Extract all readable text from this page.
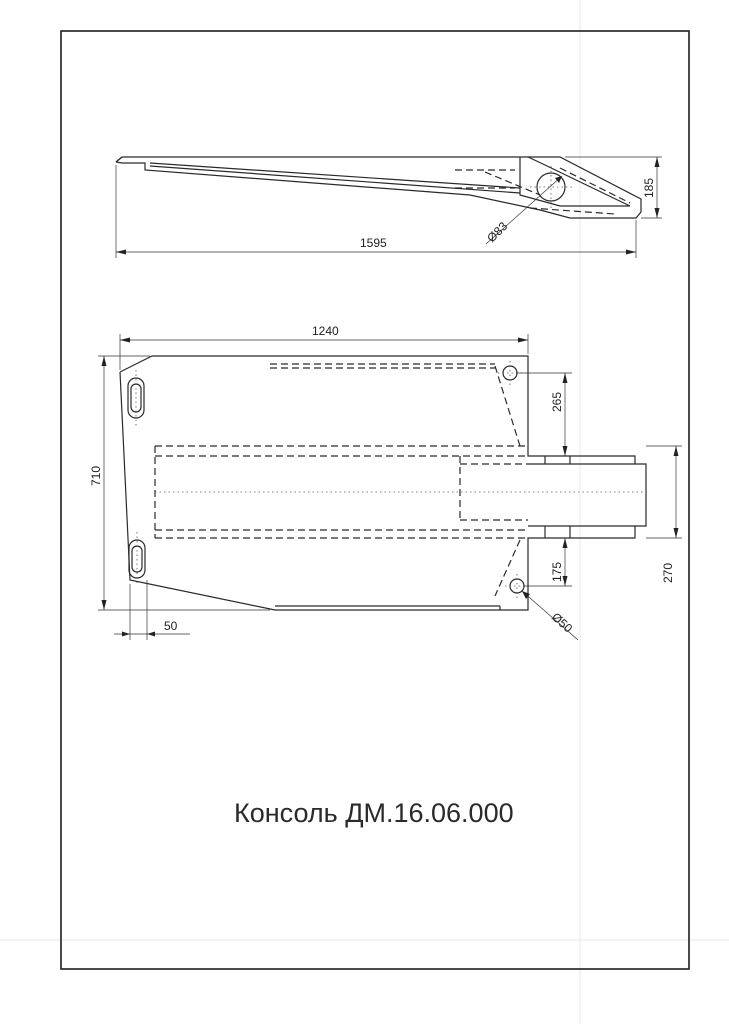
Ø83
1595
185
1240
710
50
265
175	270
Ø50
Консоль ДМ.16.06.000
